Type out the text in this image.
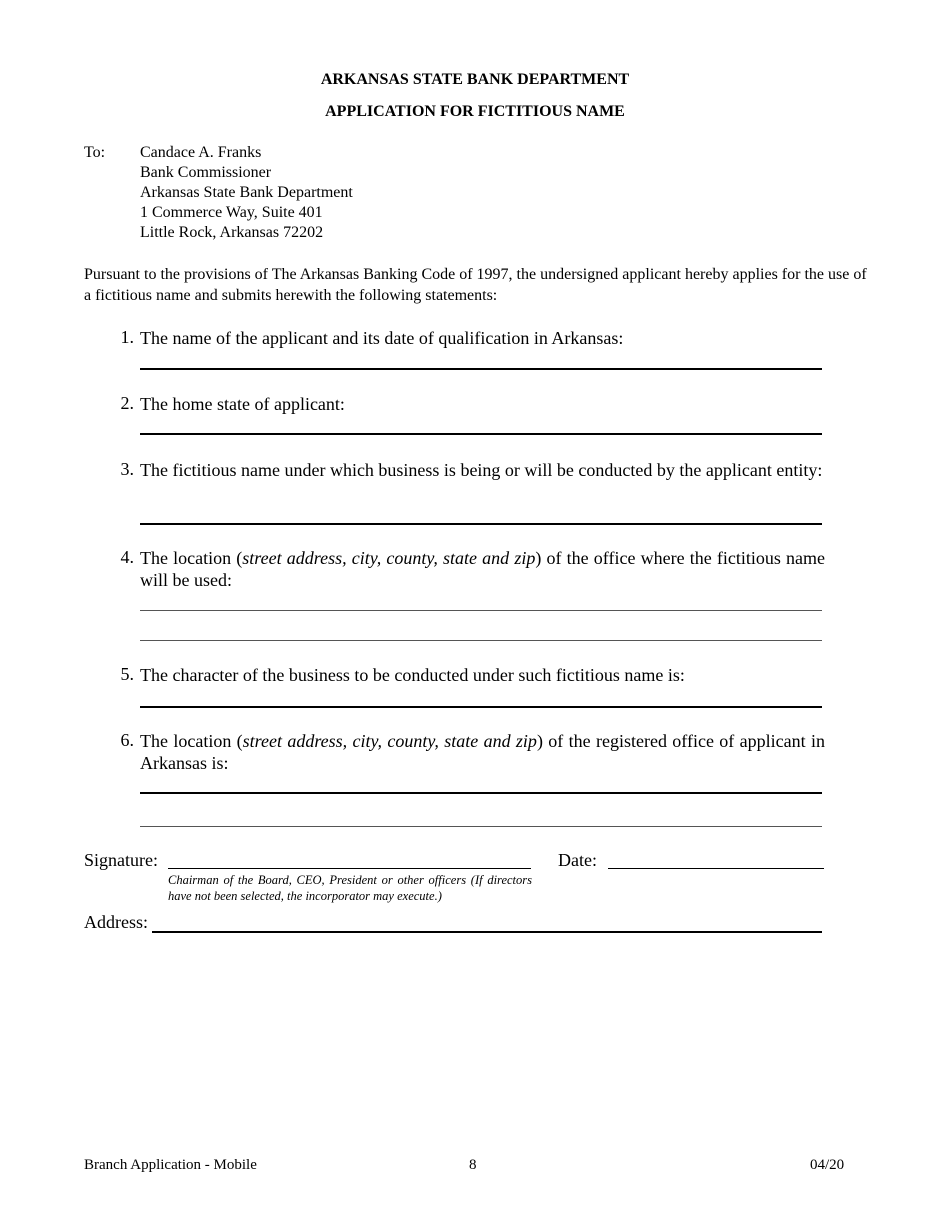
ARKANSAS STATE BANK DEPARTMENT
APPLICATION FOR FICTITIOUS NAME
To: Candace A. Franks
Bank Commissioner
Arkansas State Bank Department
1 Commerce Way, Suite 401
Little Rock, Arkansas 72202
Pursuant to the provisions of The Arkansas Banking Code of 1997, the undersigned applicant hereby applies for the use of a fictitious name and submits herewith the following statements:
1. The name of the applicant and its date of qualification in Arkansas:
2. The home state of applicant:
3. The fictitious name under which business is being or will be conducted by the applicant entity:
4. The location (street address, city, county, state and zip) of the office where the fictitious name will be used:
5. The character of the business to be conducted under such fictitious name is:
6. The location (street address, city, county, state and zip) of the registered office of applicant in Arkansas is:
Signature:
Chairman of the Board, CEO, President or other officers (If directors have not been selected, the incorporator may execute.)
Date:
Address:
Branch Application - Mobile	8	04/20
